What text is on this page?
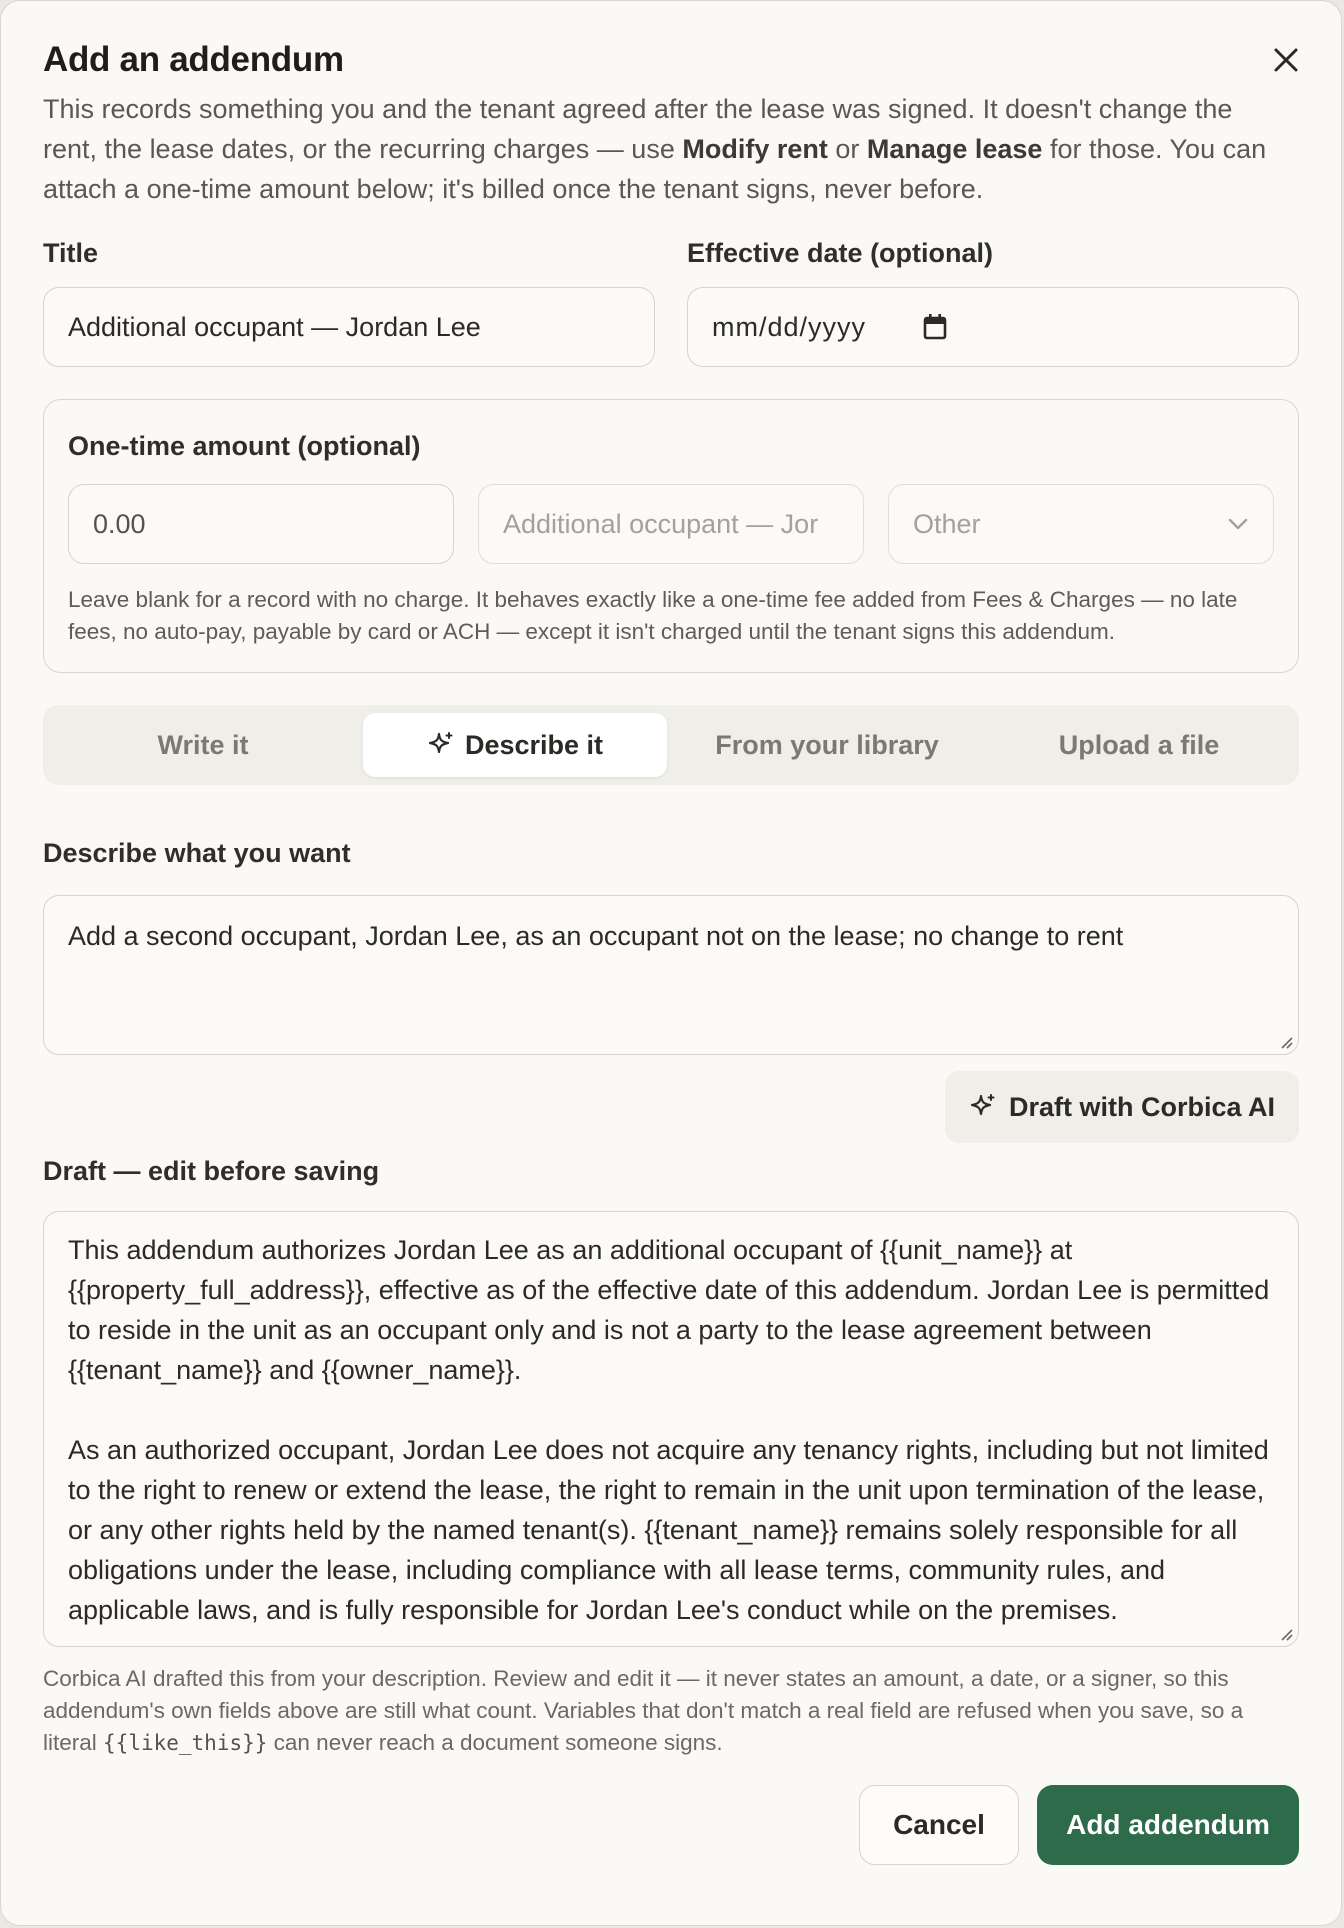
Add an addendum

This records something you and the tenant agreed after the lease was signed. It doesn't change the rent, the lease dates, or the recurring charges — use Modify rent or Manage lease for those. You can attach a one-time amount below; it's billed once the tenant signs, never before.

Title
Additional occupant — Jordan Lee
Effective date (optional)
mm/dd/yyyy
One-time amount (optional)
0.00	Additional occupant — Jor	Other

Leave blank for a record with no charge. It behaves exactly like a one-time fee added from Fees & Charges — no late fees, no auto-pay, payable by card or ACH — except it isn't charged until the tenant signs this addendum.

Write it	Describe it	From your library	Upload a file
Describe what you want
Add a second occupant, Jordan Lee, as an occupant not on the lease; no change to rent
Draft with Corbica AI
Draft — edit before saving

This addendum authorizes Jordan Lee as an additional occupant of {{unit_name}} at {{property_full_address}}, effective as of the effective date of this addendum. Jordan Lee is permitted to reside in the unit as an occupant only and is not a party to the lease agreement between {{tenant_name}} and {{owner_name}}.

As an authorized occupant, Jordan Lee does not acquire any tenancy rights, including but not limited to the right to renew or extend the lease, the right to remain in the unit upon termination of the lease, or any other rights held by the named tenant(s). {{tenant_name}} remains solely responsible for all obligations under the lease, including compliance with all lease terms, community rules, and applicable laws, and is fully responsible for Jordan Lee's conduct while on the premises.

Corbica AI drafted this from your description. Review and edit it — it never states an amount, a date, or a signer, so this addendum's own fields above are still what count. Variables that don't match a real field are refused when you save, so a literal {{like_this}} can never reach a document someone signs.

Cancel	Add addendum
